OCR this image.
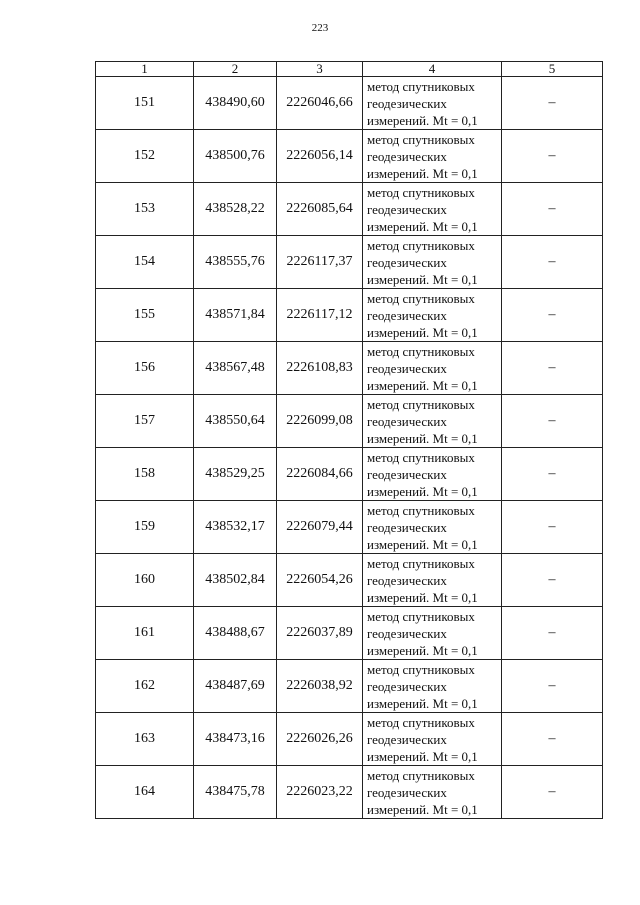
223
1	2	3	4	5
151	438490,60	2226046,66	метод спутниковых
геодезических
измерений. Mt = 0,1	–
152	438500,76	2226056,14	метод спутниковых
геодезических
измерений. Mt = 0,1	–
153	438528,22	2226085,64	метод спутниковых
геодезических
измерений. Mt = 0,1	–
154	438555,76	2226117,37	метод спутниковых
геодезических
измерений. Mt = 0,1	–
155	438571,84	2226117,12	метод спутниковых
геодезических
измерений. Mt = 0,1	–
156	438567,48	2226108,83	метод спутниковых
геодезических
измерений. Mt = 0,1	–
157	438550,64	2226099,08	метод спутниковых
геодезических
измерений. Mt = 0,1	–
158	438529,25	2226084,66	метод спутниковых
геодезических
измерений. Mt = 0,1	–
159	438532,17	2226079,44	метод спутниковых
геодезических
измерений. Mt = 0,1	–
160	438502,84	2226054,26	метод спутниковых
геодезических
измерений. Mt = 0,1	–
161	438488,67	2226037,89	метод спутниковых
геодезических
измерений. Mt = 0,1	–
162	438487,69	2226038,92	метод спутниковых
геодезических
измерений. Mt = 0,1	–
163	438473,16	2226026,26	метод спутниковых
геодезических
измерений. Mt = 0,1	–
164	438475,78	2226023,22	метод спутниковых
геодезических
измерений. Mt = 0,1	–
